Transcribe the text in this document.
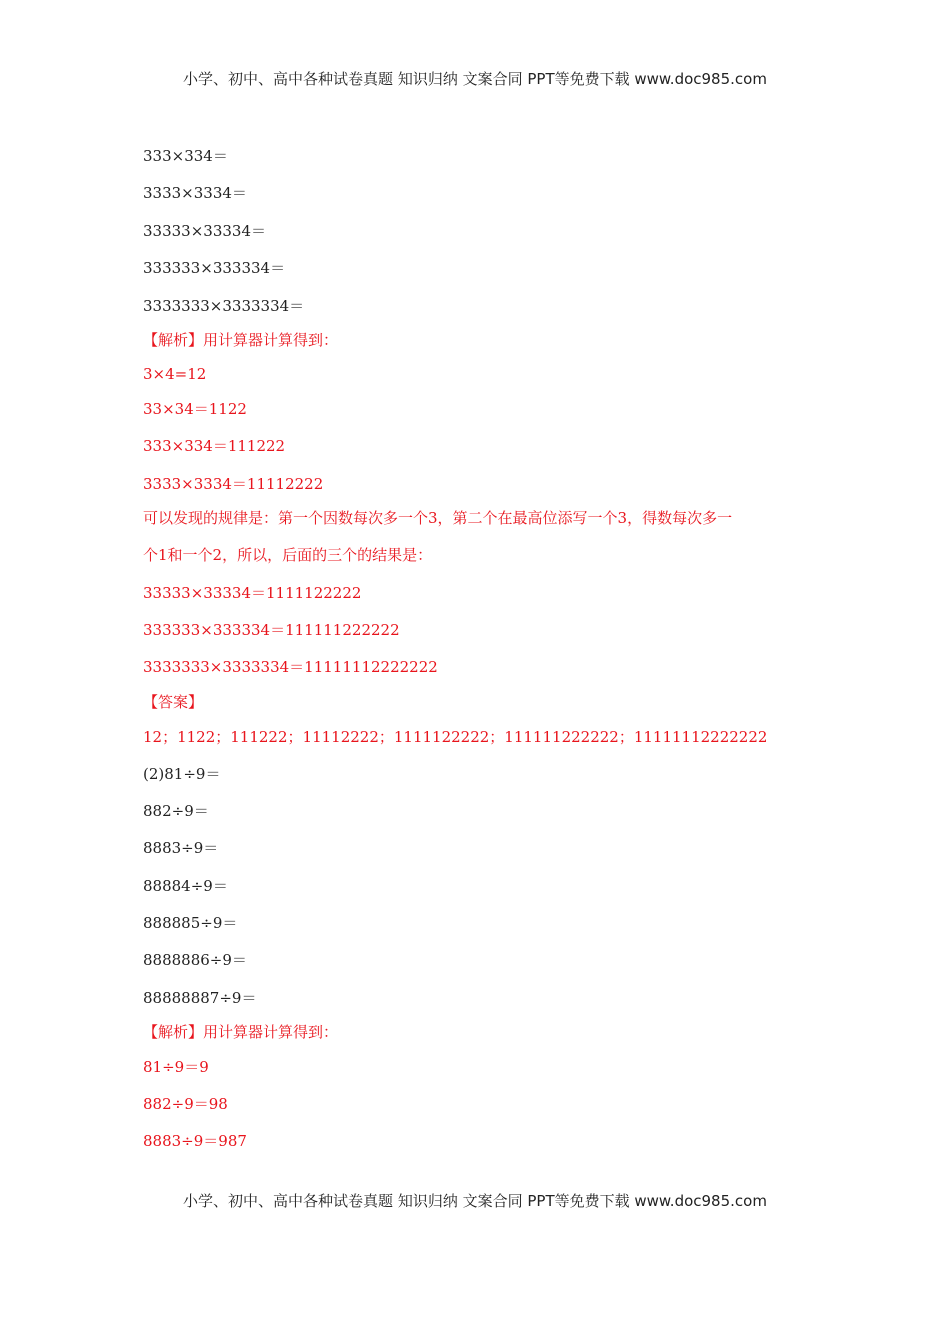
小学、初中、高中各种试卷真题 知识归纳 文案合同 PPT等免费下载 www.doc985.com
333×334＝
3333×3334＝
33333×33334＝
333333×333334＝
3333333×3333334＝
【解析】用计算器计算得到：
3×4=12
33×34＝1122
333×334＝111222
3333×3334＝11112222
可以发现的规律是：第一个因数每次多一个3，第二个在最高位添写一个3，得数每次多一
个1和一个2，所以，后面的三个的结果是：
33333×33334＝1111122222
333333×333334＝111111222222
3333333×3333334＝11111112222222
【答案】
12；1122；111222；11112222；1111122222；111111222222；11111112222222
(2)81÷9＝
882÷9＝
8883÷9＝
88884÷9＝
888885÷9＝
8888886÷9＝
88888887÷9＝
【解析】用计算器计算得到：
81÷9＝9
882÷9＝98
8883÷9＝987
小学、初中、高中各种试卷真题 知识归纳 文案合同 PPT等免费下载 www.doc985.com
